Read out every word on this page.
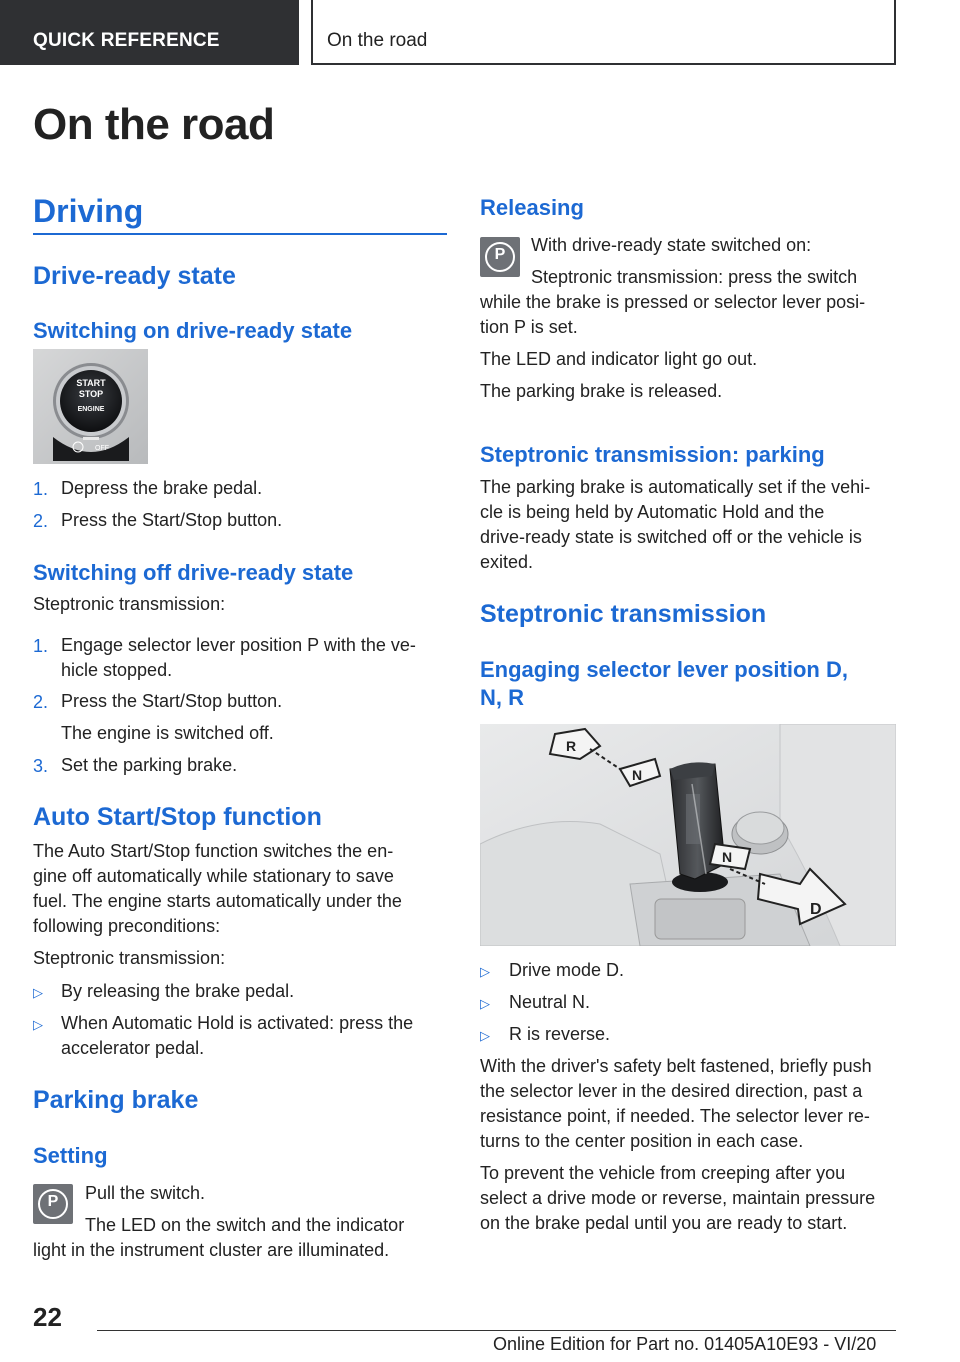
QUICK REFERENCE	On the road
On the road
Driving
Drive-ready state
Switching on drive-ready state
START
STOP
ENGINE
OFF
1. Depress the brake pedal.
2. Press the Start/Stop button.
Switching off drive-ready state
Steptronic transmission:
1. Engage selector lever position P with the ve‐
hicle stopped.
2. Press the Start/Stop button.
The engine is switched off.
3. Set the parking brake.
Auto Start/Stop function
The Auto Start/Stop function switches the en‐
gine off automatically while stationary to save
fuel. The engine starts automatically under the
following preconditions:
Steptronic transmission:
▷ By releasing the brake pedal.
▷ When Automatic Hold is activated: press the
accelerator pedal.
Parking brake
Setting
P	Pull the switch.
The LED on the switch and the indicator
light in the instrument cluster are illuminated.
Releasing
P	With drive-ready state switched on:
Steptronic transmission: press the switch
while the brake is pressed or selector lever posi‐
tion P is set.
The LED and indicator light go out.
The parking brake is released.
Steptronic transmission: parking
The parking brake is automatically set if the vehi‐
cle is being held by Automatic Hold and the
drive-ready state is switched off or the vehicle is
exited.
Steptronic transmission
Engaging selector lever position D,
N, R
R
N
N
D
▷ Drive mode D.
▷ Neutral N.
▷ R is reverse.
With the driver's safety belt fastened, briefly push
the selector lever in the desired direction, past a
resistance point, if needed. The selector lever re‐
turns to the center position in each case.
To prevent the vehicle from creeping after you
select a drive mode or reverse, maintain pressure
on the brake pedal until you are ready to start.
22
Online Edition for Part no. 01405A10E93 - VI/20
